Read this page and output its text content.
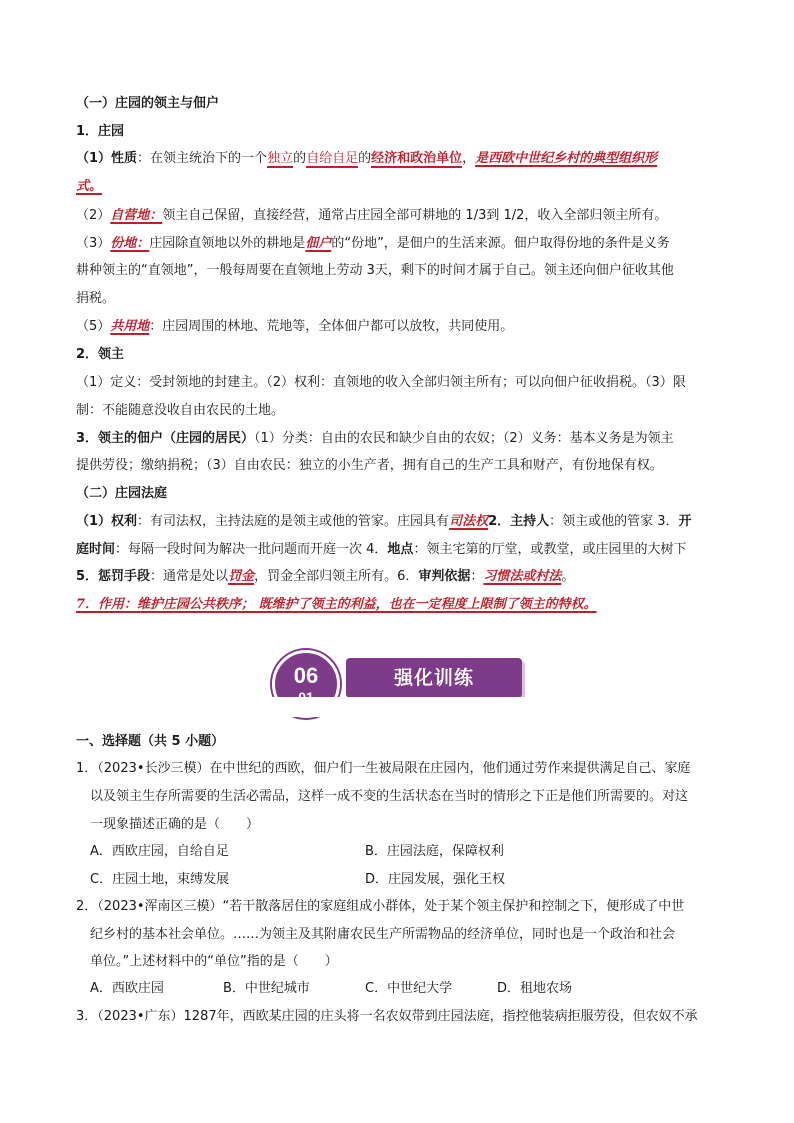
（一）庄园的领主与佃户
1．庄园
（1）性质：在领主统治下的一个独立的自给自足的经济和政治单位，是西欧中世纪乡村的典型组织形
式。
（2）自营地：领主自己保留，直接经营，通常占庄园全部可耕地的 1/3到 1/2，收入全部归领主所有。
（3）份地：庄园除直领地以外的耕地是佃户的“份地”，是佃户的生活来源。佃户取得份地的条件是义务
耕种领主的“直领地”，一般每周要在直领地上劳动 3天，剩下的时间才属于自己。领主还向佃户征收其他
捐税。
（5）共用地：庄园周围的林地、荒地等，全体佃户都可以放牧，共同使用。
2．领主
（1）定义：受封领地的封建主。（2）权利：直领地的收入全部归领主所有；可以向佃户征收捐税。（3）限
制：不能随意没收自由农民的土地。
3．领主的佃户（庄园的居民）（1）分类：自由的农民和缺少自由的农奴；（2）义务：基本义务是为领主
提供劳役；缴纳捐税；（3）自由农民：独立的小生产者，拥有自己的生产工具和财产，有份地保有权。
（二）庄园法庭
（1）权利：有司法权，主持法庭的是领主或他的管家。庄园具有司法权2．主持人：领主或他的管家 3．开
庭时间：每隔一段时间为解决一批问题而开庭一次 4．地点：领主宅第的厅堂，或教堂，或庄园里的大树下
5．惩罚手段：通常是处以罚金，罚金全部归领主所有。6．审判依据：习惯法或村法。
7．作用：维护庄园公共秩序； 既维护了领主的利益，也在一定程度上限制了领主的特权。
06	强化训练
一、选择题（共 5 小题）
1．（2023•长沙三模）在中世纪的西欧，佃户们一生被局限在庄园内，他们通过劳作来提供满足自己、家庭
以及领主生存所需要的生活必需品，这样一成不变的生活状态在当时的情形之下正是他们所需要的。对这
一现象描述正确的是（　　）
A．西欧庄园，自给自足	B．庄园法庭，保障权利
C．庄园土地，束缚发展	D．庄园发展，强化王权
2．（2023•浑南区三模）“若干散落居住的家庭组成小群体，处于某个领主保护和控制之下，便形成了中世
纪乡村的基本社会单位。……为领主及其附庸农民生产所需物品的经济单位，同时也是一个政治和社会
单位。”上述材料中的“单位”指的是（　　）
A．西欧庄园	B．中世纪城市	C．中世纪大学	D．租地农场
3．（2023•广东）1287年，西欧某庄园的庄头将一名农奴带到庄园法庭，指控他装病拒服劳役，但农奴不承
